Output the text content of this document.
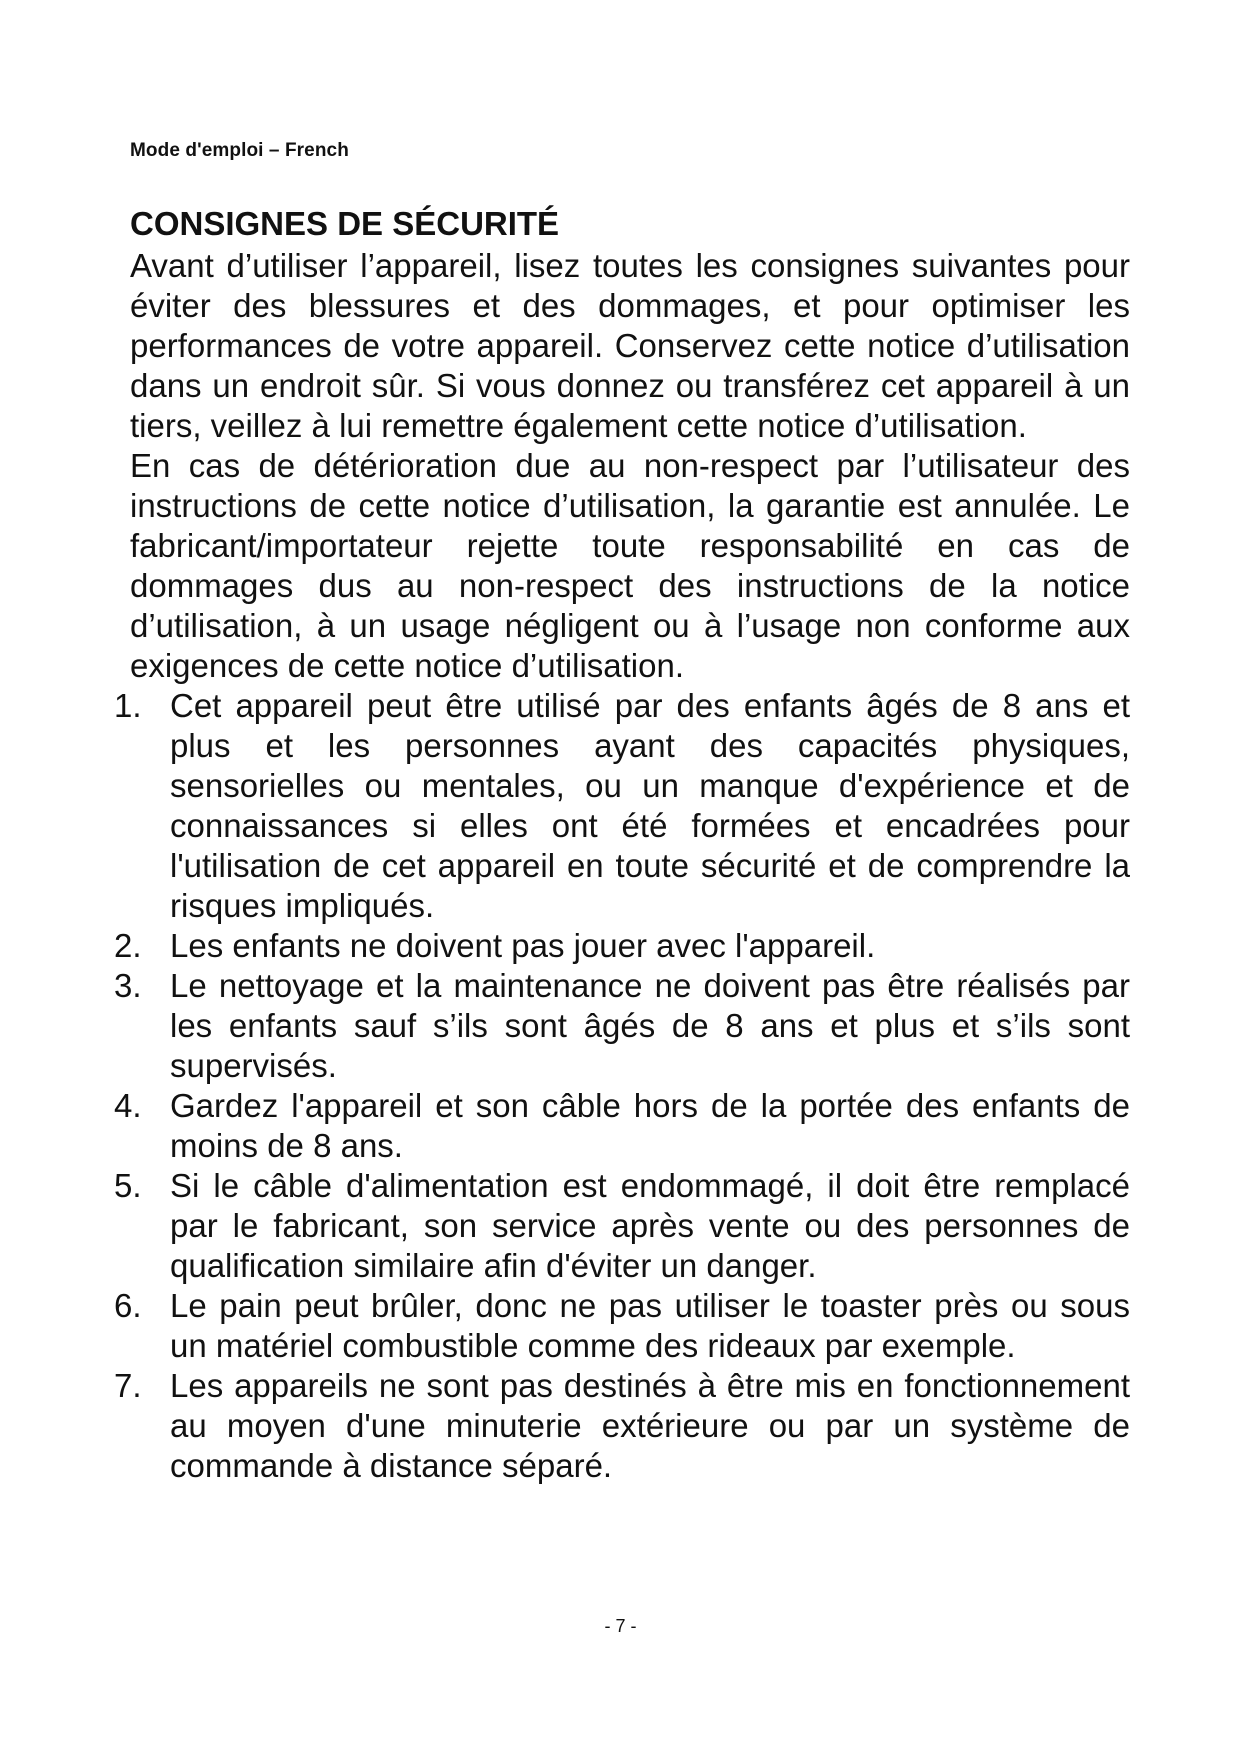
Mode d'emploi – French
CONSIGNES DE SÉCURITÉ

Avant d’utiliser l’appareil, lisez toutes les consignes suivantes pour éviter des blessures et des dommages, et pour optimiser les performances de votre appareil. Conservez cette notice d’utilisation dans un endroit sûr. Si vous donnez ou transférez cet appareil à un tiers, veillez à lui remettre également cette notice d’utilisation.

En cas de détérioration due au non-respect par l’utilisateur des instructions de cette notice d’utilisation, la garantie est annulée. Le fabricant/importateur rejette toute responsabilité en cas de dommages dus au non-respect des instructions de la notice d’utilisation, à un usage négligent ou à l’usage non conforme aux exigences de cette notice d’utilisation.

1. Cet appareil peut être utilisé par des enfants âgés de 8 ans et plus et les personnes ayant des capacités physiques, sensorielles ou mentales, ou un manque d'expérience et de connaissances si elles ont été formées et encadrées pour l'utilisation de cet appareil en toute sécurité et de comprendre la risques impliqués.
2. Les enfants ne doivent pas jouer avec l'appareil.
3. Le nettoyage et la maintenance ne doivent pas être réalisés par les enfants sauf s’ils sont âgés de 8 ans et plus et s’ils sont supervisés.
4. Gardez l'appareil et son câble hors de la portée des enfants de moins de 8 ans.
5. Si le câble d'alimentation est endommagé, il doit être remplacé par le fabricant, son service après vente ou des personnes de qualification similaire afin d'éviter un danger.
6. Le pain peut brûler, donc ne pas utiliser le toaster près ou sous un matériel combustible comme des rideaux par exemple.
7. Les appareils ne sont pas destinés à être mis en fonctionnement au moyen d'une minuterie extérieure ou par un système de commande à distance séparé.
- 7 -
